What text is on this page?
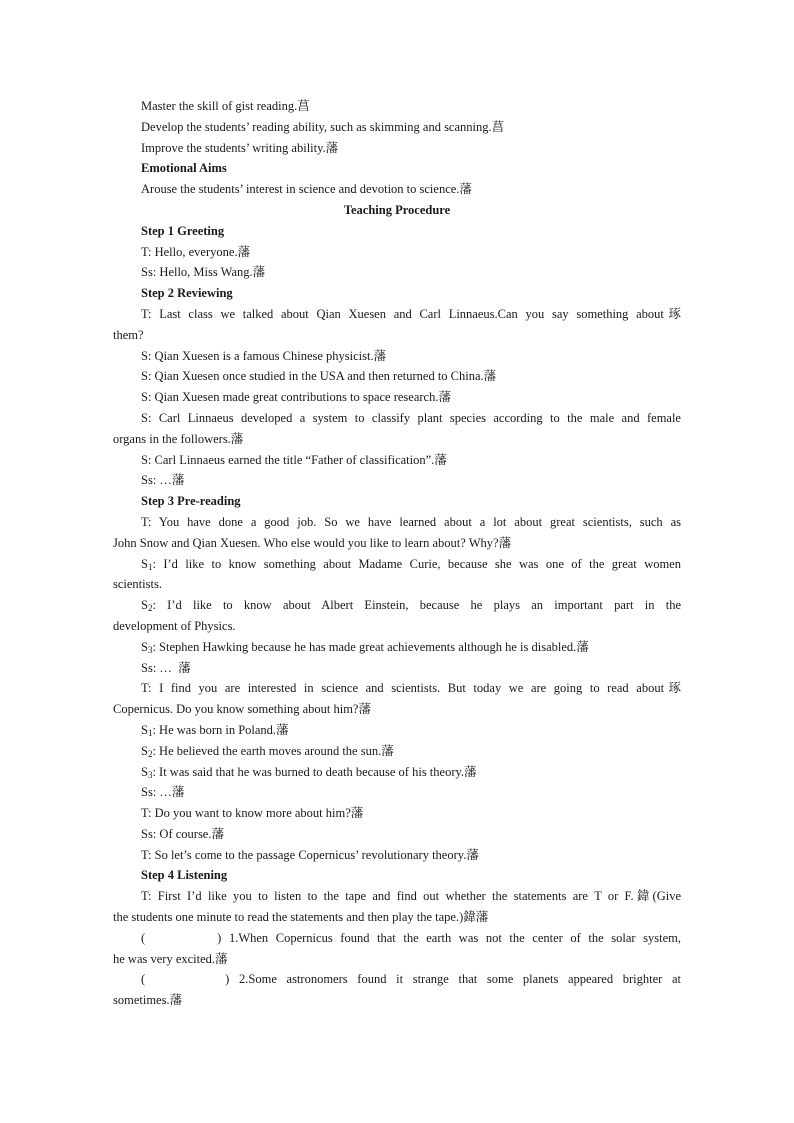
Master the skill of gist reading.菖
Develop the students’ reading ability, such as skimming and scanning.菖
Improve the students’ writing ability.藩
Emotional Aims
Arouse the students’ interest in science and devotion to science.藩
Teaching Procedure
Step 1 Greeting
T: Hello, everyone.藩
Ss: Hello, Miss Wang.藩
Step 2 Reviewing
T: Last class we talked about Qian Xuesen and Carl Linnaeus.Can you say something about琢
them?
S: Qian Xuesen is a famous Chinese physicist.藩
S: Qian Xuesen once studied in the USA and then returned to China.藩
S: Qian Xuesen made great contributions to space research.藩
S: Carl Linnaeus developed a system to classify plant species according to the male and female
organs in the followers.藩
S: Carl Linnaeus earned the title “Father of classification”.藩
Ss: …藩
Step 3 Pre-reading
T: You have done a good job. So we have learned about a lot about great scientists, such as
John Snow and Qian Xuesen. Who else would you like to learn about? Why?藩
$S_1$: I’d like to know something about Madame Curie, because she was one of the great women
scientists.
$S_2$: I’d like to know about Albert Einstein, because he plays an important part in the
development of Physics.
$S_3$: Stephen Hawking because he has made great achievements although he is disabled.藩
Ss: …  藩
T: I find you are interested in science and scientists. But today we are going to read about琢
Copernicus. Do you know something about him?藩
$S_1$: He was born in Poland.藩
$S_2$: He believed the earth moves around the sun.藩
$S_3$: It was said that he was burned to death because of his theory.藩
Ss: …藩
T: Do you want to know more about him?藩
Ss: Of course.藩
T: So let’s come to the passage Copernicus’ revolutionary theory.藩
Step 4 Listening
T: First I’d like you to listen to the tape and find out whether the statements are T or F.鍏(Give
the students one minute to read the statements and then play the tape.)鍏藩
(	) 1.When Copernicus found that the earth was not the center of the solar system,
he was very excited.藩
(	) 2.Some astronomers found it strange that some planets appeared brighter at
sometimes.藩
